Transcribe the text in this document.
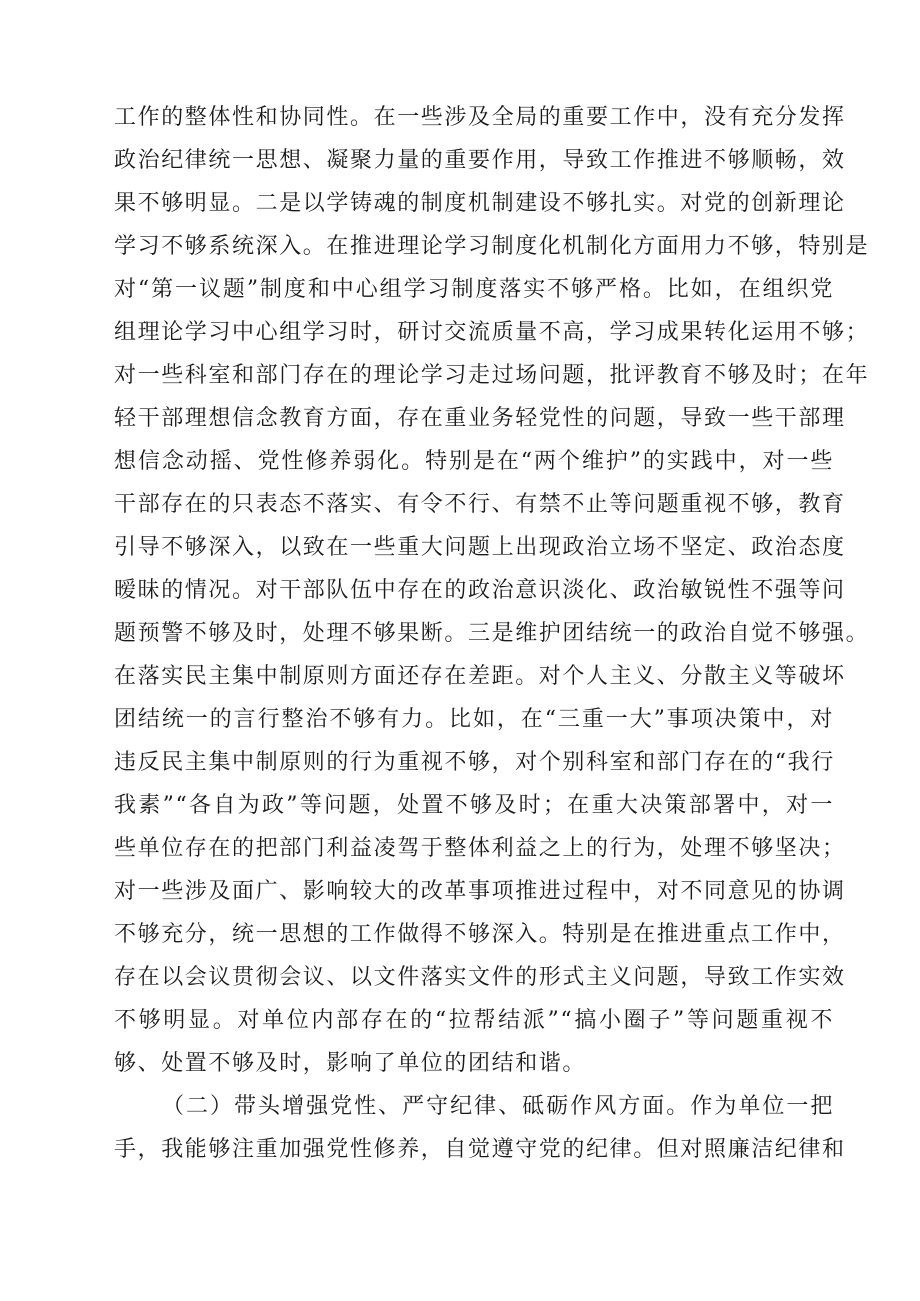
工作的整体性和协同性。在一些涉及全局的重要工作中，没有充分发挥
政治纪律统一思想、凝聚力量的重要作用，导致工作推进不够顺畅，效
果不够明显。二是以学铸魂的制度机制建设不够扎实。对党的创新理论
学习不够系统深入。在推进理论学习制度化机制化方面用力不够，特别是
对“第一议题”制度和中心组学习制度落实不够严格。比如，在组织党
组理论学习中心组学习时，研讨交流质量不高，学习成果转化运用不够；
对一些科室和部门存在的理论学习走过场问题，批评教育不够及时；在年
轻干部理想信念教育方面，存在重业务轻党性的问题，导致一些干部理
想信念动摇、党性修养弱化。特别是在“两个维护”的实践中，对一些
干部存在的只表态不落实、有令不行、有禁不止等问题重视不够，教育
引导不够深入，以致在一些重大问题上出现政治立场不坚定、政治态度
暧昧的情况。对干部队伍中存在的政治意识淡化、政治敏锐性不强等问
题预警不够及时，处理不够果断。三是维护团结统一的政治自觉不够强。
在落实民主集中制原则方面还存在差距。对个人主义、分散主义等破坏
团结统一的言行整治不够有力。比如，在“三重一大”事项决策中，对
违反民主集中制原则的行为重视不够，对个别科室和部门存在的“我行
我素”“各自为政”等问题，处置不够及时；在重大决策部署中，对一
些单位存在的把部门利益凌驾于整体利益之上的行为，处理不够坚决；
对一些涉及面广、影响较大的改革事项推进过程中，对不同意见的协调
不够充分，统一思想的工作做得不够深入。特别是在推进重点工作中，
存在以会议贯彻会议、以文件落实文件的形式主义问题，导致工作实效
不够明显。对单位内部存在的“拉帮结派”“搞小圈子”等问题重视不
够、处置不够及时，影响了单位的团结和谐。
（二）带头增强党性、严守纪律、砥砺作风方面。作为单位一把
手，我能够注重加强党性修养，自觉遵守党的纪律。但对照廉洁纪律和
